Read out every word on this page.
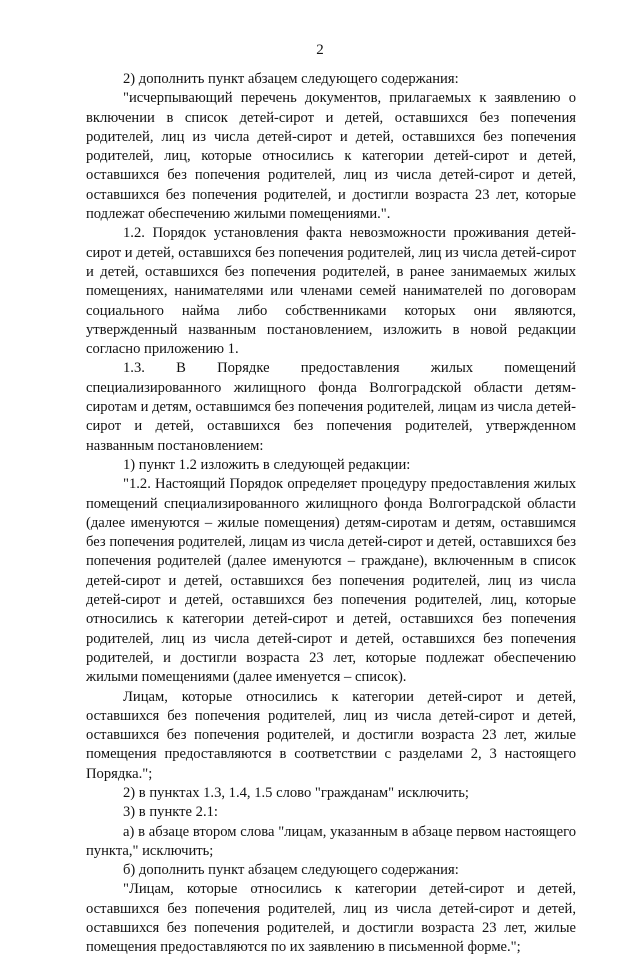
2

2) дополнить пункт абзацем следующего содержания:

"исчерпывающий перечень документов, прилагаемых к заявлению о включении в список детей-сирот и детей, оставшихся без попечения родителей, лиц из числа детей-сирот и детей, оставшихся без попечения родителей, лиц, которые относились к категории детей-сирот и детей, оставшихся без попечения родителей, лиц из числа детей-сирот и детей, оставшихся без попечения родителей, и достигли возраста 23 лет, которые подлежат обеспечению жилыми помещениями.".

1.2. Порядок установления факта невозможности проживания детей-сирот и детей, оставшихся без попечения родителей, лиц из числа детей-сирот и детей, оставшихся без попечения родителей, в ранее занимаемых жилых помещениях, нанимателями или членами семей нанимателей по договорам социального найма либо собственниками которых они являются, утвержденный названным постановлением, изложить в новой редакции согласно приложению 1.

1.3. В Порядке предоставления жилых помещений специализированного жилищного фонда Волгоградской области детям-сиротам и детям, оставшимся без попечения родителей, лицам из числа детей-сирот и детей, оставшихся без попечения родителей, утвержденном названным постановлением:

1) пункт 1.2 изложить в следующей редакции:

"1.2. Настоящий Порядок определяет процедуру предоставления жилых помещений специализированного жилищного фонда Волгоградской области (далее именуются – жилые помещения) детям-сиротам и детям, оставшимся без попечения родителей, лицам из числа детей-сирот и детей, оставшихся без попечения родителей (далее именуются – граждане), включенным в список детей-сирот и детей, оставшихся без попечения родителей, лиц из числа детей-сирот и детей, оставшихся без попечения родителей, лиц, которые относились к категории детей-сирот и детей, оставшихся без попечения родителей, лиц из числа детей-сирот и детей, оставшихся без попечения родителей, и достигли возраста 23 лет, которые подлежат обеспечению жилыми помещениями (далее именуется – список).

Лицам, которые относились к категории детей-сирот и детей, оставшихся без попечения родителей, лиц из числа детей-сирот и детей, оставшихся без попечения родителей, и достигли возраста 23 лет, жилые помещения предоставляются в соответствии с разделами 2, 3 настоящего Порядка.";

2) в пунктах 1.3, 1.4, 1.5 слово "гражданам" исключить;

3) в пункте 2.1:

а) в абзаце втором слова "лицам, указанным в абзаце первом настоящего пункта," исключить;

б) дополнить пункт абзацем следующего содержания:

"Лицам, которые относились к категории детей-сирот и детей, оставшихся без попечения родителей, лиц из числа детей-сирот и детей, оставшихся без попечения родителей, и достигли возраста 23 лет, жилые помещения предоставляются по их заявлению в письменной форме.";
